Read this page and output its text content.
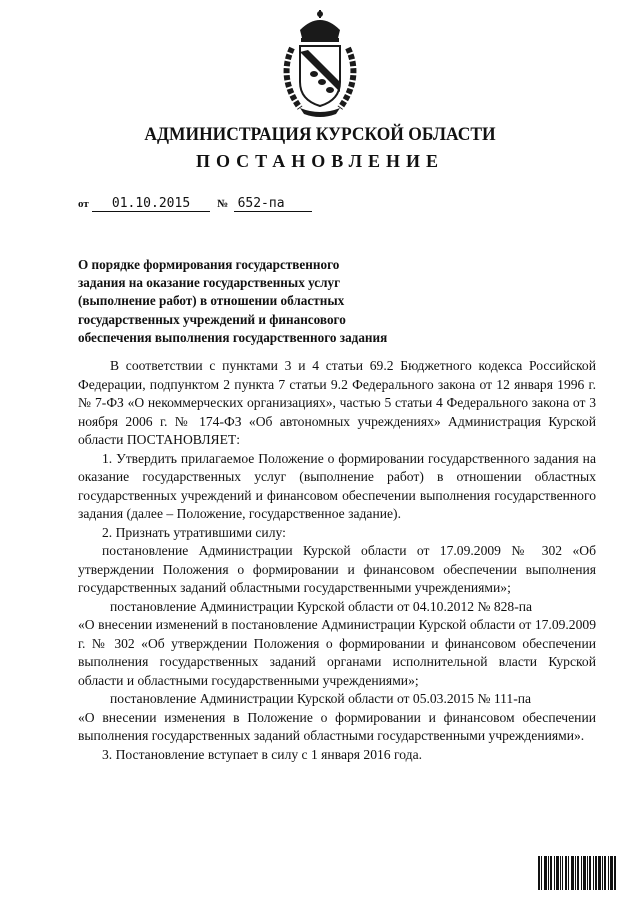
АДМИНИСТРАЦИЯ КУРСКОЙ ОБЛАСТИ
ПОСТАНОВЛЕНИЕ
от 01.10.2015 № 652-па
О порядке формирования государственного
задания на оказание государственных услуг
(выполнение работ) в отношении областных
государственных учреждений и финансового
обеспечения выполнения государственного задания

В соответствии с пунктами 3 и 4 статьи 69.2 Бюджетного кодекса Российской Федерации, подпунктом 2 пункта 7 статьи 9.2 Федерального закона от 12 января 1996 г. № 7-ФЗ «О некоммерческих организациях», частью 5 статьи 4 Федерального закона от 3 ноября 2006 г. № 174-ФЗ «Об автономных учреждениях» Администрация Курской области ПОСТАНОВЛЯЕТ:

1. Утвердить прилагаемое Положение о формировании государственного задания на оказание государственных услуг (выполнение работ) в отношении областных государственных учреждений и финансовом обеспечении выполнения государственного задания (далее – Положение, государственное задание).

2. Признать утратившими силу:

постановление Администрации Курской области от 17.09.2009 № 302 «Об утверждении Положения о формировании и финансовом обеспечении выполнения государственных заданий областными государственными учреждениями»;

постановление Администрации Курской области от 04.10.2012 № 828-па

«О внесении изменений в постановление Администрации Курской области от 17.09.2009 г. № 302 «Об утверждении Положения о формировании и финансовом обеспечении выполнения государственных заданий органами исполнительной власти Курской области и областными государственными учреждениями»;

постановление Администрации Курской области от 05.03.2015 № 111-па

«О внесении изменения в Положение о формировании и финансовом обеспечении выполнения государственных заданий областными государственными учреждениями».

3. Постановление вступает в силу с 1 января 2016 года.
